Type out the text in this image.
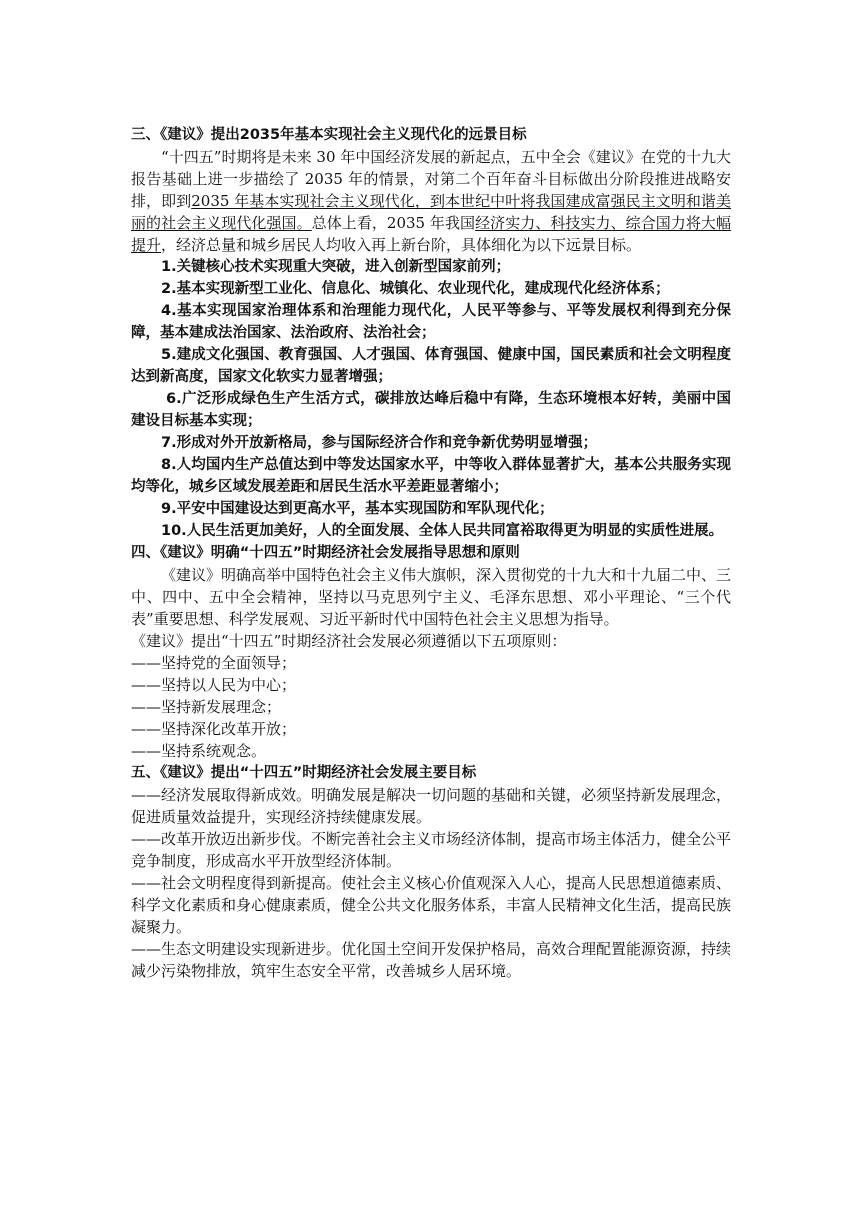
三、《建议》提出2035年基本实现社会主义现代化的远景目标

“十四五”时期将是未来 30 年中国经济发展的新起点，五中全会《建议》在党的十九大报告基础上进一步描绘了 2035 年的情景，对第二个百年奋斗目标做出分阶段推进战略安排，即到2035 年基本实现社会主义现代化，到本世纪中叶将我国建成富强民主文明和谐美丽的社会主义现代化强国。总体上看，2035 年我国经济实力、科技实力、综合国力将大幅提升，经济总量和城乡居民人均收入再上新台阶，具体细化为以下远景目标。

1.关键核心技术实现重大突破，进入创新型国家前列；

2.基本实现新型工业化、信息化、城镇化、农业现代化，建成现代化经济体系；

4.基本实现国家治理体系和治理能力现代化，人民平等参与、平等发展权利得到充分保障，基本建成法治国家、法治政府、法治社会；

5.建成文化强国、教育强国、人才强国、体育强国、健康中国，国民素质和社会文明程度达到新高度，国家文化软实力显著增强；

6.广泛形成绿色生产生活方式，碳排放达峰后稳中有降，生态环境根本好转，美丽中国建设目标基本实现；

7.形成对外开放新格局，参与国际经济合作和竞争新优势明显增强；

8.人均国内生产总值达到中等发达国家水平，中等收入群体显著扩大，基本公共服务实现均等化，城乡区域发展差距和居民生活水平差距显著缩小；

9.平安中国建设达到更高水平，基本实现国防和军队现代化；

10.人民生活更加美好，人的全面发展、全体人民共同富裕取得更为明显的实质性进展。

四、《建议》明确“十四五”时期经济社会发展指导思想和原则

《建议》明确高举中国特色社会主义伟大旗帜，深入贯彻党的十九大和十九届二中、三中、四中、五中全会精神，坚持以马克思列宁主义、毛泽东思想、邓小平理论、“三个代表”重要思想、科学发展观、习近平新时代中国特色社会主义思想为指导。

《建议》提出“十四五”时期经济社会发展必须遵循以下五项原则：

——坚持党的全面领导；

——坚持以人民为中心；

——坚持新发展理念；

——坚持深化改革开放；

——坚持系统观念。

五、《建议》提出“十四五”时期经济社会发展主要目标

——经济发展取得新成效。明确发展是解决一切问题的基础和关键，必须坚持新发展理念，促进质量效益提升，实现经济持续健康发展。

——改革开放迈出新步伐。不断完善社会主义市场经济体制，提高市场主体活力，健全公平竞争制度，形成高水平开放型经济体制。

——社会文明程度得到新提高。使社会主义核心价值观深入人心，提高人民思想道德素质、科学文化素质和身心健康素质，健全公共文化服务体系，丰富人民精神文化生活，提高民族凝聚力。

——生态文明建设实现新进步。优化国土空间开发保护格局，高效合理配置能源资源，持续减少污染物排放，筑牢生态安全平常，改善城乡人居环境。
